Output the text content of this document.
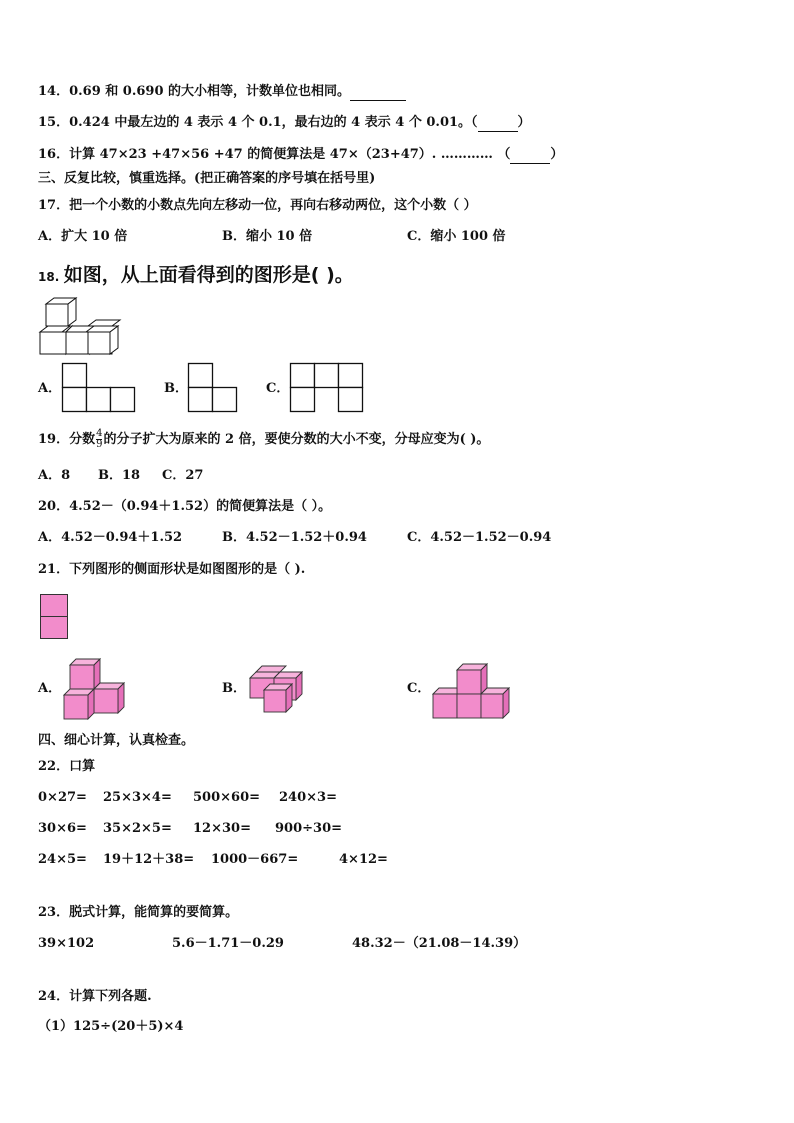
14．0.69 和 0.690 的大小相等，计数单位也相同。
15．0.424 中最左边的 4 表示 4 个 0.1，最右边的 4 表示 4 个 0.01。（	）
16．计算 47×23 +47×56 +47 的简便算法是 47×（23+47）. ………… （	）
三、反复比较，慎重选择。(把正确答案的序号填在括号里)
17．把一个小数的小数点先向左移动一位，再向右移动两位，这个小数（ ）
A．扩大 10 倍	B．缩小 10 倍	C．缩小 100 倍
18. 如图，从上面看得到的图形是( )。
A．	B．	C．
19．分数 $\frac{4}{9}$ 的分子扩大为原来的 2 倍，要使分数的大小不变，分母应变为( )。
A．8 B．18 C．27
20．4.52－（0.94＋1.52）的简便算法是（ ）。
A．4.52－0.94＋1.52	B．4.52－1.52＋0.94	C．4.52－1.52－0.94
21．下列图形的侧面形状是如图图形的是（ ).
A．	B．	C．
四、细心计算，认真检查。
22．口算
0×27= 25×3×4= 500×60= 240×3=
30×6= 35×2×5= 12×30= 900÷30=
24×5= 19＋12＋38= 1000－667=	4×12=
23．脱式计算，能简算的要简算。
39×102	5.6－1.71－0.29	48.32－（21.08－14.39）
24．计算下列各题.
（1）125÷(20＋5)×4
